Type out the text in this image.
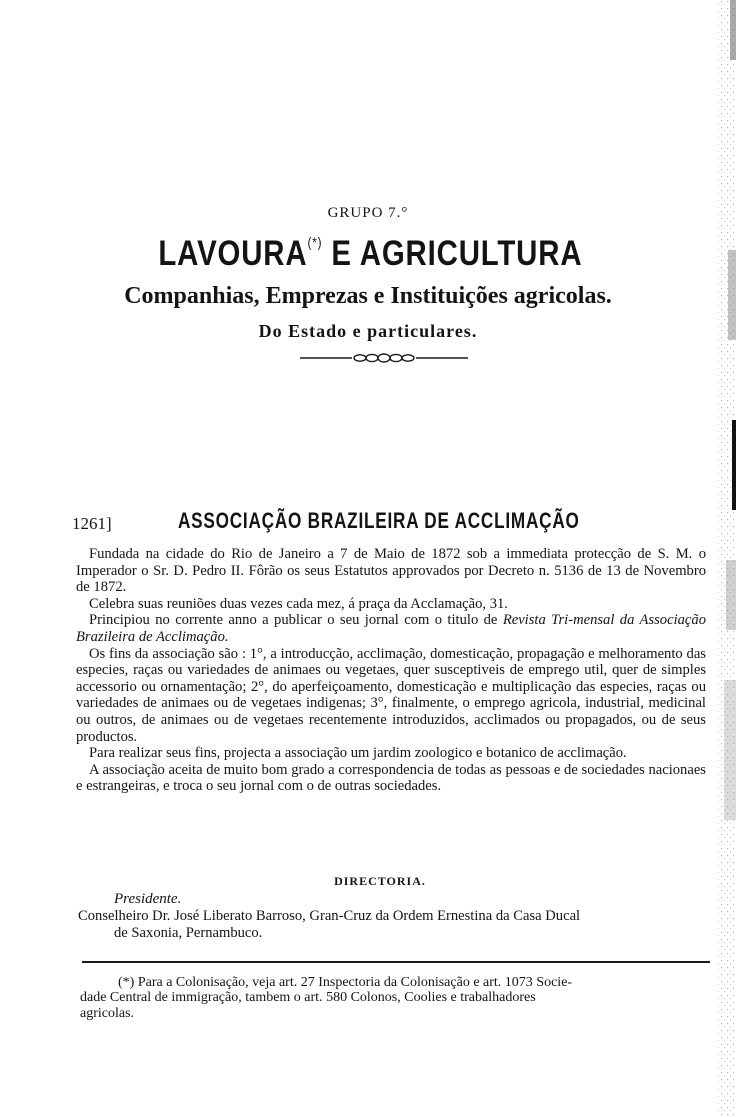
GRUPO 7.°
LAVOURA(*) E AGRICULTURA
Companhias, Emprezas e Instituições agricolas.
Do Estado e particulares.
1261]	ASSOCIAÇÃO BRAZILEIRA DE ACCLIMAÇÃO

Fundada na cidade do Rio de Janeiro a 7 de Maio de 1872 sob a immediata protecção de S. M. o Imperador o Sr. D. Pedro II. Fôrão os seus Estatutos approvados por Decreto n. 5136 de 13 de Novembro de 1872.

Celebra suas reuniões duas vezes cada mez, á praça da Acclamação, 31.

Principiou no corrente anno a publicar o seu jornal com o titulo de Revista Tri-mensal da Associação Brazileira de Acclimação.

Os fins da associação são : 1°, a introducção, acclimação, domesticação, propagação e melhoramento das especies, raças ou variedades de animaes ou vegetaes, quer susceptiveis de emprego util, quer de simples accessorio ou ornamentação; 2°, do aperfeiçoamento, domesticação e multiplicação das especies, raças ou variedades de animaes ou de vegetaes indigenas; 3°, finalmente, o emprego agricola, industrial, medicinal ou outros, de animaes ou de vegetaes recentemente introduzidos, acclimados ou propagados, ou de seus productos.

Para realizar seus fins, projecta a associação um jardim zoologico e botanico de acclimação.

A associação aceita de muito bom grado a correspondencia de todas as pessoas e de sociedades nacionaes e estrangeiras, e troca o seu jornal com o de outras sociedades.

DIRECTORIA.
Presidente.
Conselheiro Dr. José Liberato Barroso, Gran-Cruz da Ordem Ernestina da Casa Ducal
de Saxonia, Pernambuco.
(*) Para a Colonisação, veja art. 27 Inspectoria da Colonisação e art. 1073 Socie-
dade Central de immigração, tambem o art. 580 Colonos, Coolies e trabalhadores
agricolas.
